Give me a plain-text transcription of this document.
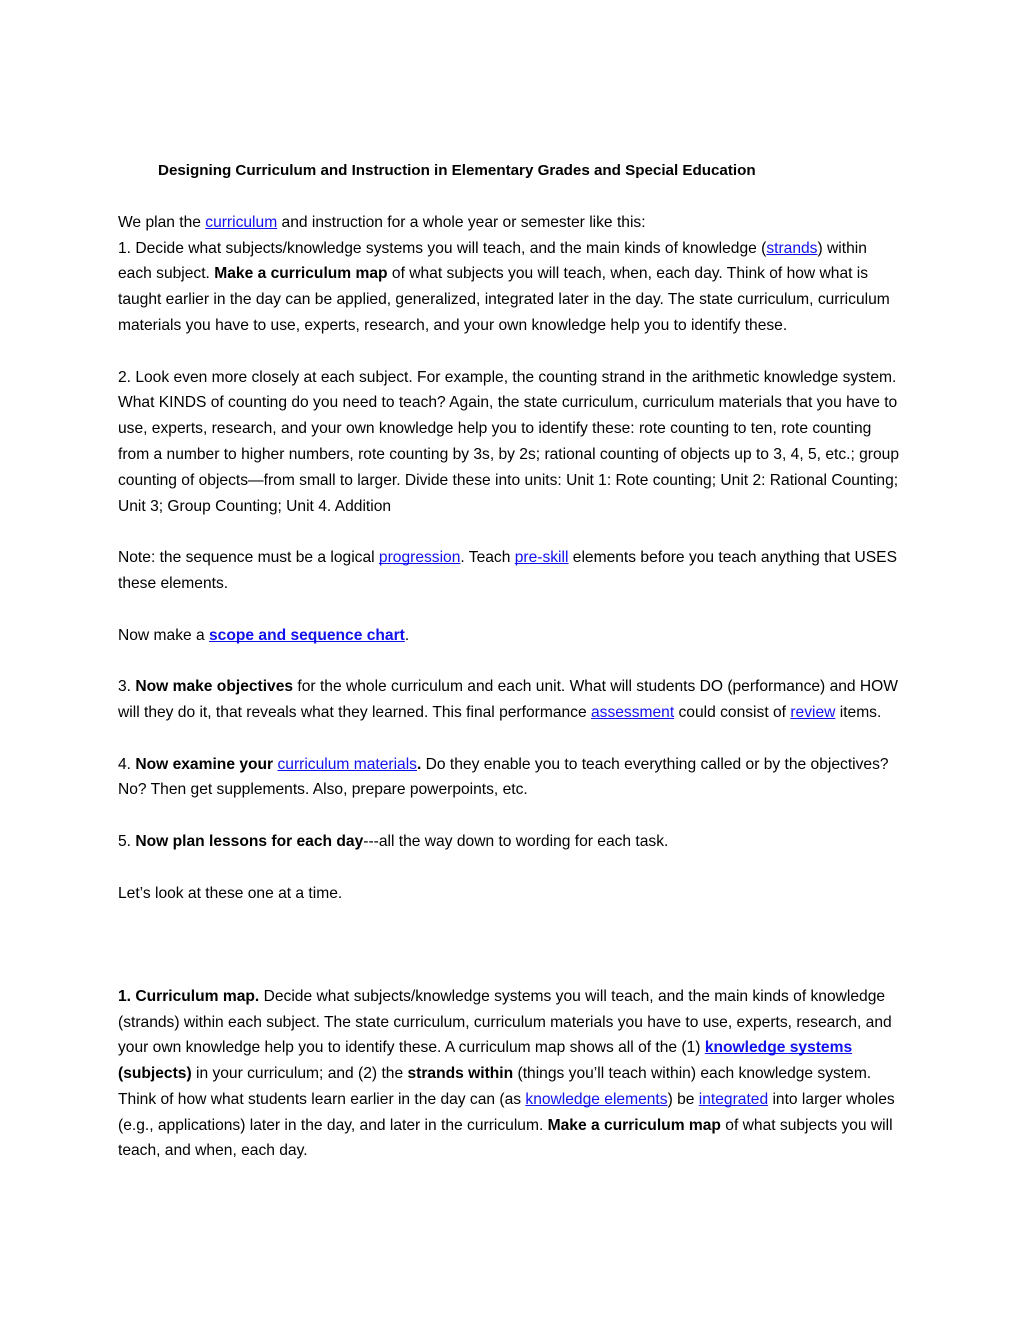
Designing Curriculum and Instruction in Elementary Grades and Special Education

We plan the curriculum and instruction for a whole year or semester like this:

1. Decide what subjects/knowledge systems you will teach, and the main kinds of knowledge (strands) within each subject. Make a curriculum map of what subjects you will teach, when, each day. Think of how what is taught earlier in the day can be applied, generalized, integrated later in the day. The state curriculum, curriculum materials you have to use, experts, research, and your own knowledge help you to identify these.

2. Look even more closely at each subject. For example, the counting strand in the arithmetic knowledge system. What KINDS of counting do you need to teach? Again, the state curriculum, curriculum materials that you have to use, experts, research, and your own knowledge help you to identify these: rote counting to ten, rote counting from a number to higher numbers, rote counting by 3s, by 2s; rational counting of objects up to 3, 4, 5, etc.; group counting of objects—from small to larger. Divide these into units: Unit 1: Rote counting; Unit 2: Rational Counting; Unit 3; Group Counting; Unit 4. Addition

Note: the sequence must be a logical progression. Teach pre-skill elements before you teach anything that USES these elements.

Now make a scope and sequence chart.

3. Now make objectives for the whole curriculum and each unit. What will students DO (performance) and HOW will they do it, that reveals what they learned. This final performance assessment could consist of review items.

4. Now examine your curriculum materials. Do they enable you to teach everything called or by the objectives? No? Then get supplements. Also, prepare powerpoints, etc.

5. Now plan lessons for each day---all the way down to wording for each task.

Let’s look at these one at a time.

1. Curriculum map. Decide what subjects/knowledge systems you will teach, and the main kinds of knowledge (strands) within each subject. The state curriculum, curriculum materials you have to use, experts, research, and your own knowledge help you to identify these. A curriculum map shows all of the (1) knowledge systems (subjects) in your curriculum; and (2) the strands within (things you’ll teach within) each knowledge system. Think of how what students learn earlier in the day can (as knowledge elements) be integrated into larger wholes (e.g., applications) later in the day, and later in the curriculum. Make a curriculum map of what subjects you will teach, and when, each day.
